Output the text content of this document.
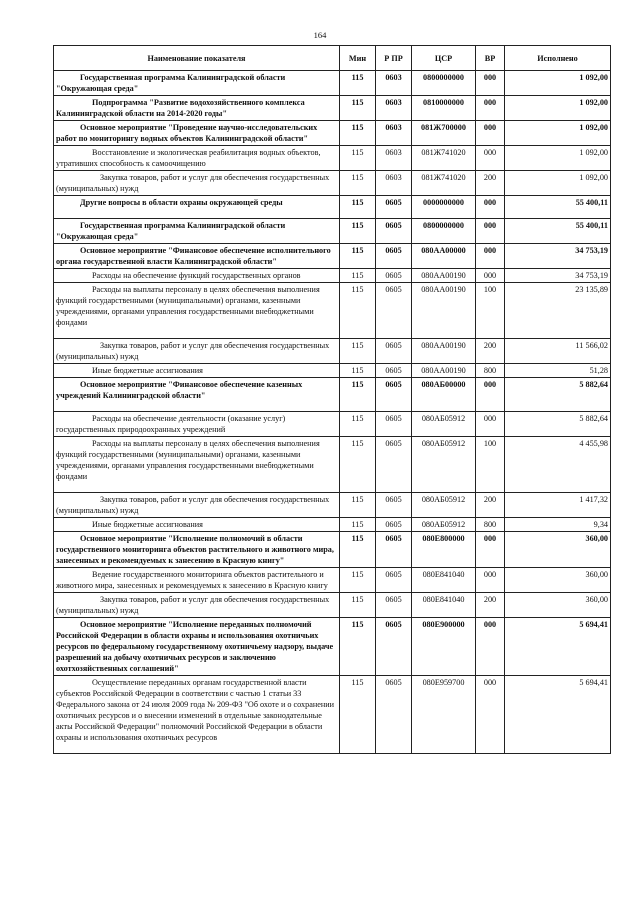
164
Наименование показателя	Мин	Р ПР	ЦСР	ВР	Исполнено
Государственная программа Калининградской области "Окружающая среда"	115	0603	0800000000	000	1 092,00
Подпрограмма "Развитие водохозяйственного комплекса Калининградской области на 2014-2020 годы"	115	0603	0810000000	000	1 092,00
Основное мероприятие "Проведение научно-исследовательских работ по мониторингу водных объектов Калининградской области"	115	0603	081Ж700000	000	1 092,00
Восстановление и экологическая реабилитация водных объектов, утративших способность к самоочищению	115	0603	081Ж741020	000	1 092,00
Закупка товаров, работ и услуг для обеспечения государственных (муниципальных) нужд	115	0603	081Ж741020	200	1 092,00
Другие вопросы в области охраны окружающей среды	115	0605	0000000000	000	55 400,11
Государственная программа Калининградской области "Окружающая среда"	115	0605	0800000000	000	55 400,11
Основное мероприятие "Финансовое обеспечение исполнительного органа государственной власти Калининградской области"	115	0605	080АА00000	000	34 753,19
Расходы на обеспечение функций государственных органов	115	0605	080АА00190	000	34 753,19
Расходы на выплаты персоналу в целях обеспечения выполнения функций государственными (муниципальными) органами, казенными учреждениями, органами управления государственными внебюджетными фондами	115	0605	080АА00190	100	23 135,89
Закупка товаров, работ и услуг для обеспечения государственных (муниципальных) нужд	115	0605	080АА00190	200	11 566,02
Иные бюджетные ассигнования	115	0605	080АА00190	800	51,28
Основное мероприятие "Финансовое обеспечение казенных учреждений Калининградской области"	115	0605	080АБ00000	000	5 882,64
Расходы на обеспечение деятельности (оказание услуг) государственных природоохранных учреждений	115	0605	080АБ05912	000	5 882,64
Расходы на выплаты персоналу в целях обеспечения выполнения функций государственными (муниципальными) органами, казенными учреждениями, органами управления государственными внебюджетными фондами	115	0605	080АБ05912	100	4 455,98
Закупка товаров, работ и услуг для обеспечения государственных (муниципальных) нужд	115	0605	080АБ05912	200	1 417,32
Иные бюджетные ассигнования	115	0605	080АБ05912	800	9,34
Основное мероприятие "Исполнение полномочий в области государственного мониторинга объектов растительного и животного мира, занесенных и рекомендуемых к занесению в Красную книгу"	115	0605	080Е800000	000	360,00
Ведение государственного мониторинга объектов растительного и животного мира, занесенных и рекомендуемых к занесению в Красную книгу	115	0605	080Е841040	000	360,00
Закупка товаров, работ и услуг для обеспечения государственных (муниципальных) нужд	115	0605	080Е841040	200	360,00
Основное мероприятие "Исполнение переданных полномочий Российской Федерации в области охраны и использования охотничьих ресурсов по федеральному государственному охотничьему надзору, выдаче разрешений на добычу охотничьих ресурсов и заключению охотхозяйственных соглашений"	115	0605	080Е900000	000	5 694,41
Осуществление переданных органам государственной власти субъектов Российской Федерации в соответствии с частью 1 статьи 33 Федерального закона от 24 июля 2009 года № 209-ФЗ "Об охоте и о сохранении охотничьих ресурсов и о внесении изменений в отдельные законодательные акты Российской Федерации" полномочий Российской Федерации в области охраны и использования охотничьих ресурсов	115	0605	080Е959700	000	5 694,41
